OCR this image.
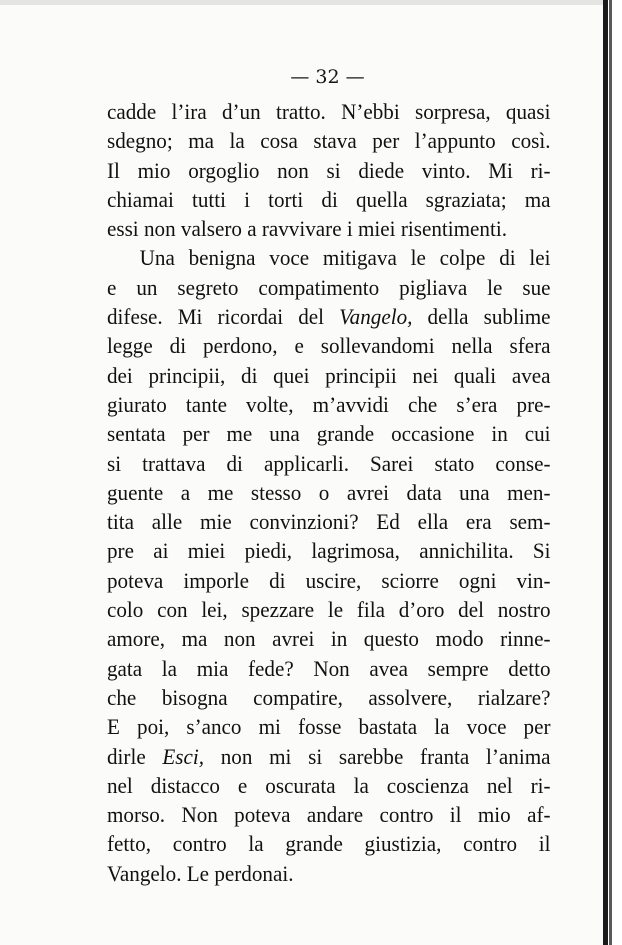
— 32 —
cadde l’ira d’un tratto. N’ebbi sorpresa, quasi
sdegno; ma la cosa stava per l’appunto così.
Il mio orgoglio non si diede vinto. Mi ri-
chiamai tutti i torti di quella sgraziata; ma
essi non valsero a ravvivare i miei risentimenti.
Una benigna voce mitigava le colpe di lei
e un segreto compatimento pigliava le sue
difese. Mi ricordai del Vangelo, della sublime
legge di perdono, e sollevandomi nella sfera
dei principii, di quei principii nei quali avea
giurato tante volte, m’avvidi che s’era pre-
sentata per me una grande occasione in cui
si trattava di applicarli. Sarei stato conse-
guente a me stesso o avrei data una men-
tita alle mie convinzioni? Ed ella era sem-
pre ai miei piedi, lagrimosa, annichilita. Si
poteva imporle di uscire, sciorre ogni vin-
colo con lei, spezzare le fila d’oro del nostro
amore, ma non avrei in questo modo rinne-
gata la mia fede? Non avea sempre detto
che bisogna compatire, assolvere, rialzare?
E poi, s’anco mi fosse bastata la voce per
dirle Esci, non mi si sarebbe franta l’anima
nel distacco e oscurata la coscienza nel ri-
morso. Non poteva andare contro il mio af-
fetto, contro la grande giustizia, contro il
Vangelo. Le perdonai.
